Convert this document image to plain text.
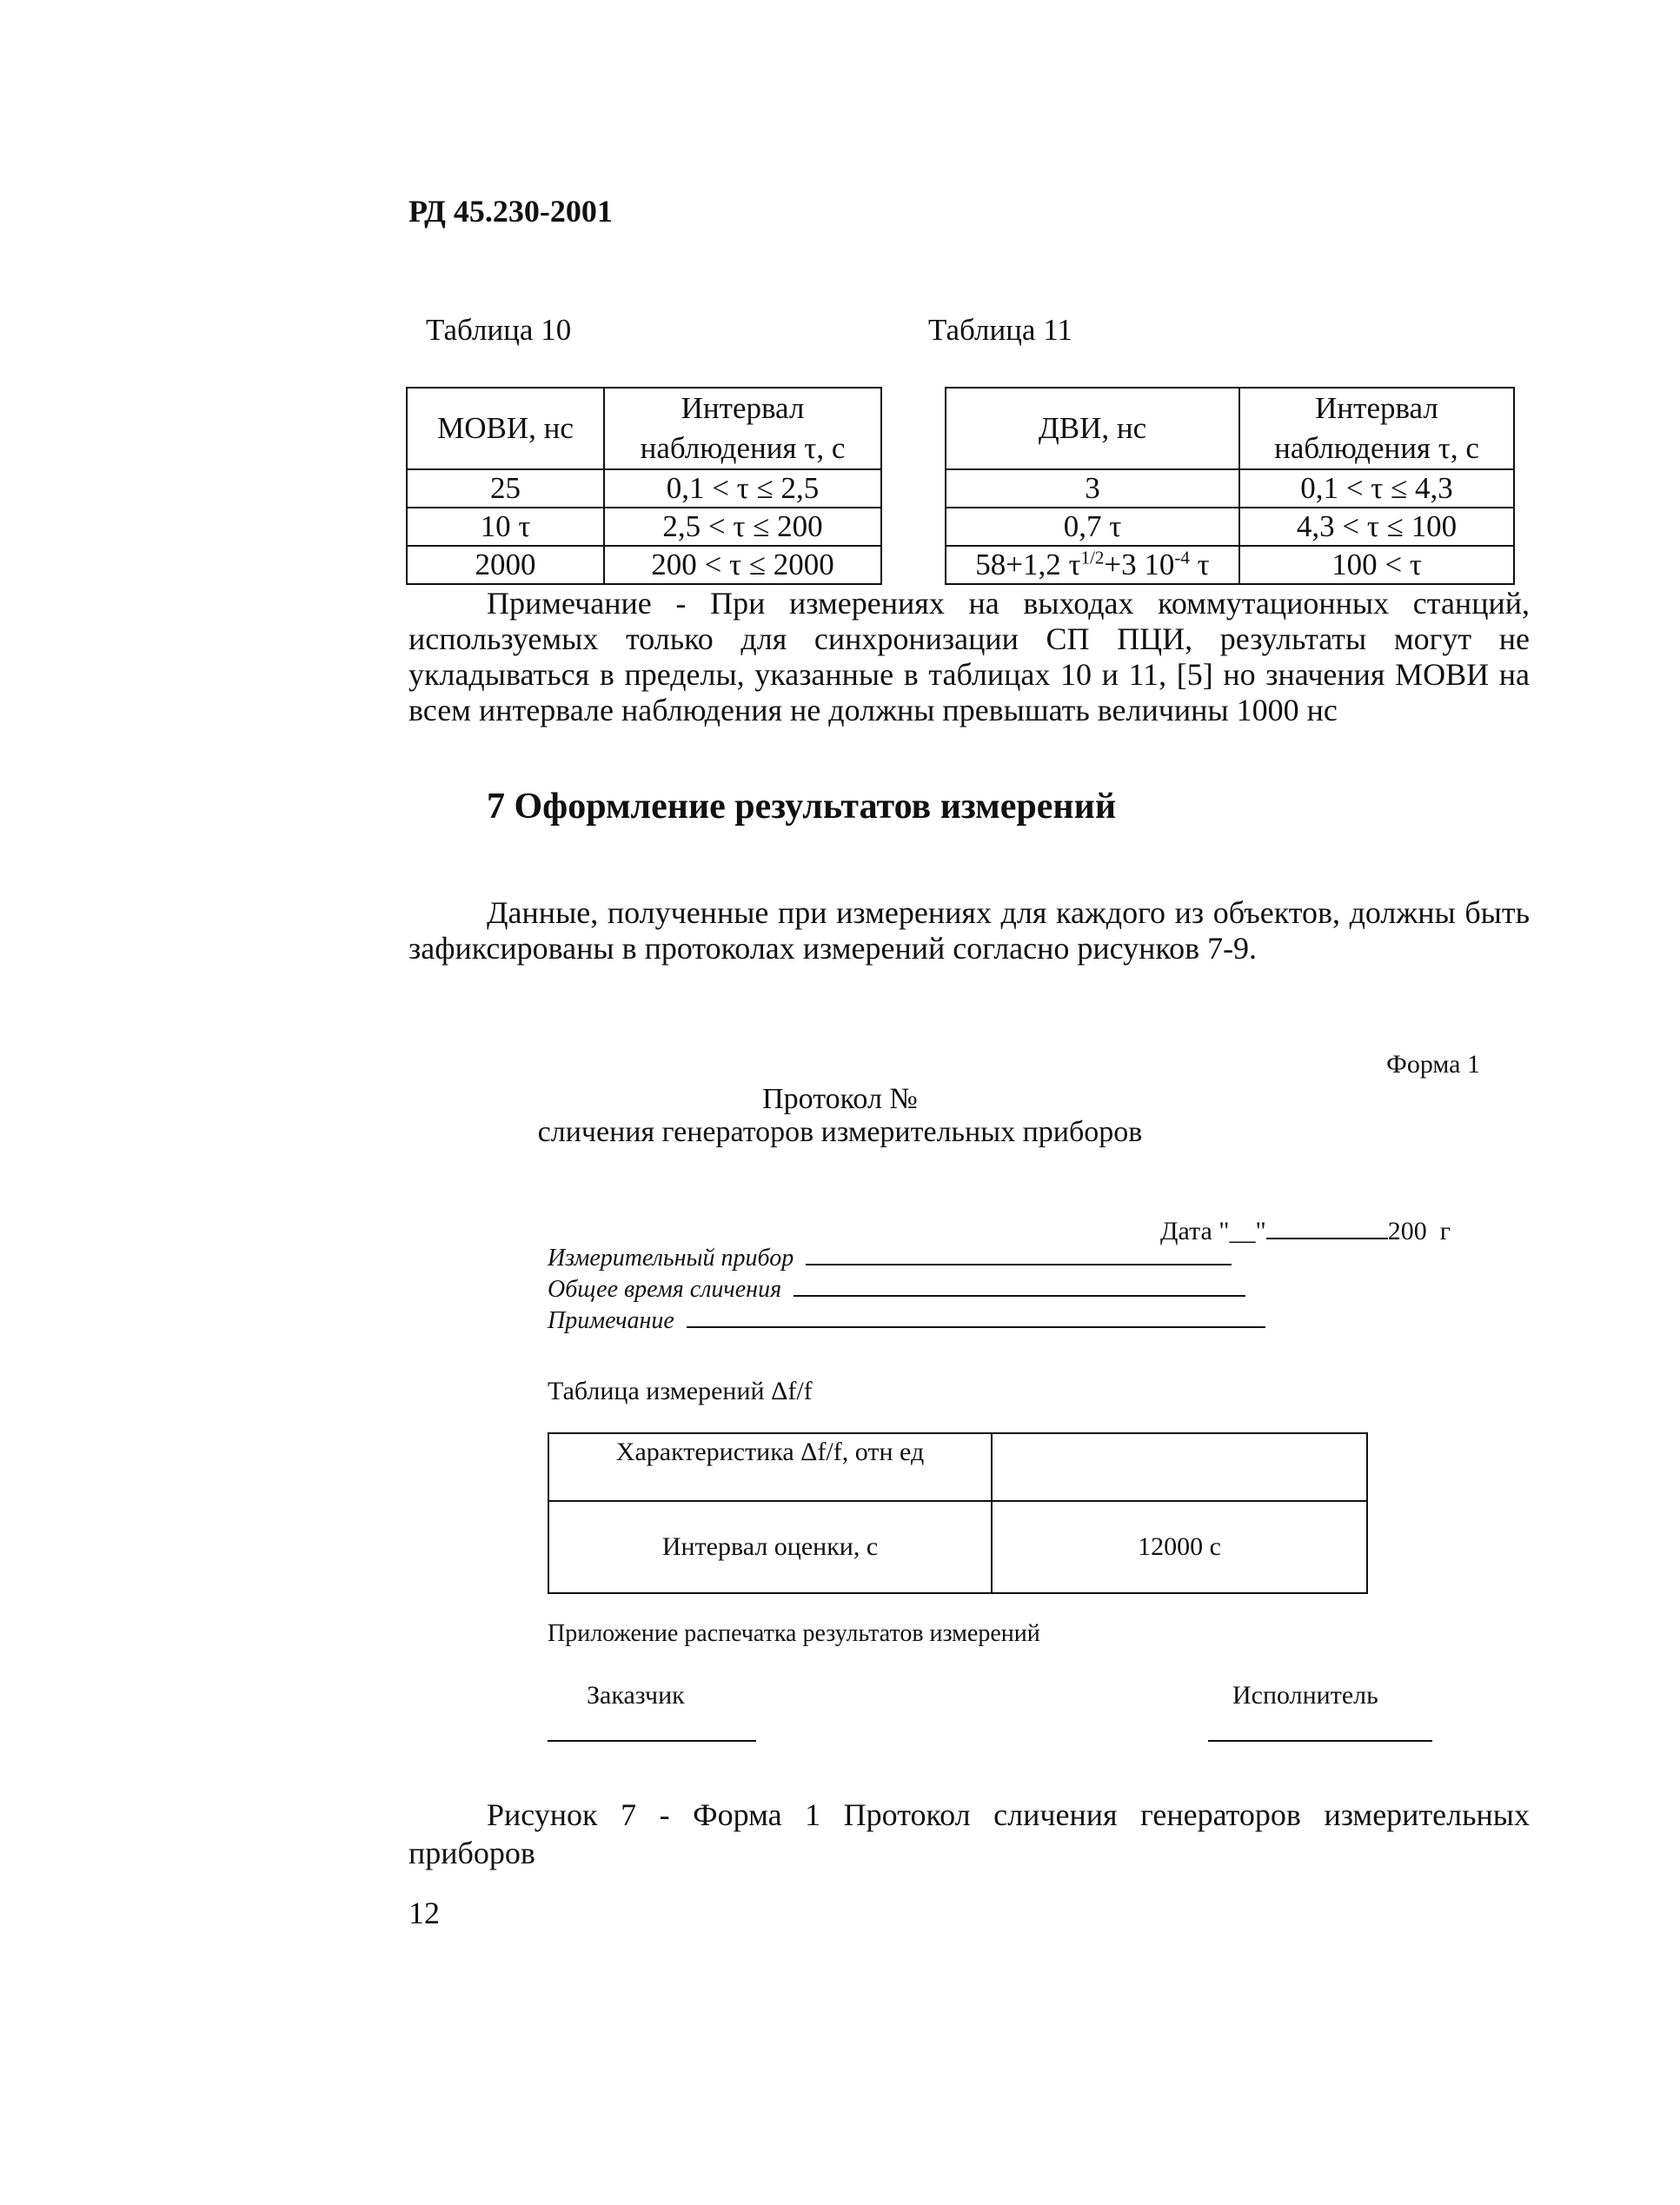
РД 45.230-2001
Таблица 10	Таблица 11
МОВИ, нс	Интервал наблюдения τ, с
25	0,1 < τ ≤ 2,5
10 τ	2,5 < τ ≤ 200
2000	200 < τ ≤ 2000
ДВИ, нс	Интервал наблюдения τ, с
3	0,1 < τ ≤ 4,3
0,7 τ	4,3 < τ ≤ 100
58+1,2 $\tau^{1/2}+3$ $10^{-4}$ τ	100 < τ
Примечание - При измерениях на выходах коммутационных станций, используемых только для синхронизации СП ПЦИ, результаты могут не укладываться в пределы, указанные в таблицах 10 и 11, [5] но значения МОВИ на всем интервале наблюдения не должны превышать величины 1000 нс
7 Оформление результатов измерений
Данные, полученные при измерениях для каждого из объектов, должны быть зафиксированы в протоколах измерений согласно рисунков 7-9.
Форма 1
Протокол №
сличения генераторов измерительных приборов
Дата "__"	200  г
Измерительный прибор
Общее время сличения
Примечание
Таблица измерений Δf/f
Характеристика Δf/f, отн ед	
Интервал оценки, с	12000 с
Приложение распечатка результатов измерений
Заказчик	Исполнитель
Рисунок 7 - Форма 1 Протокол сличения генераторов измерительных приборов
12
